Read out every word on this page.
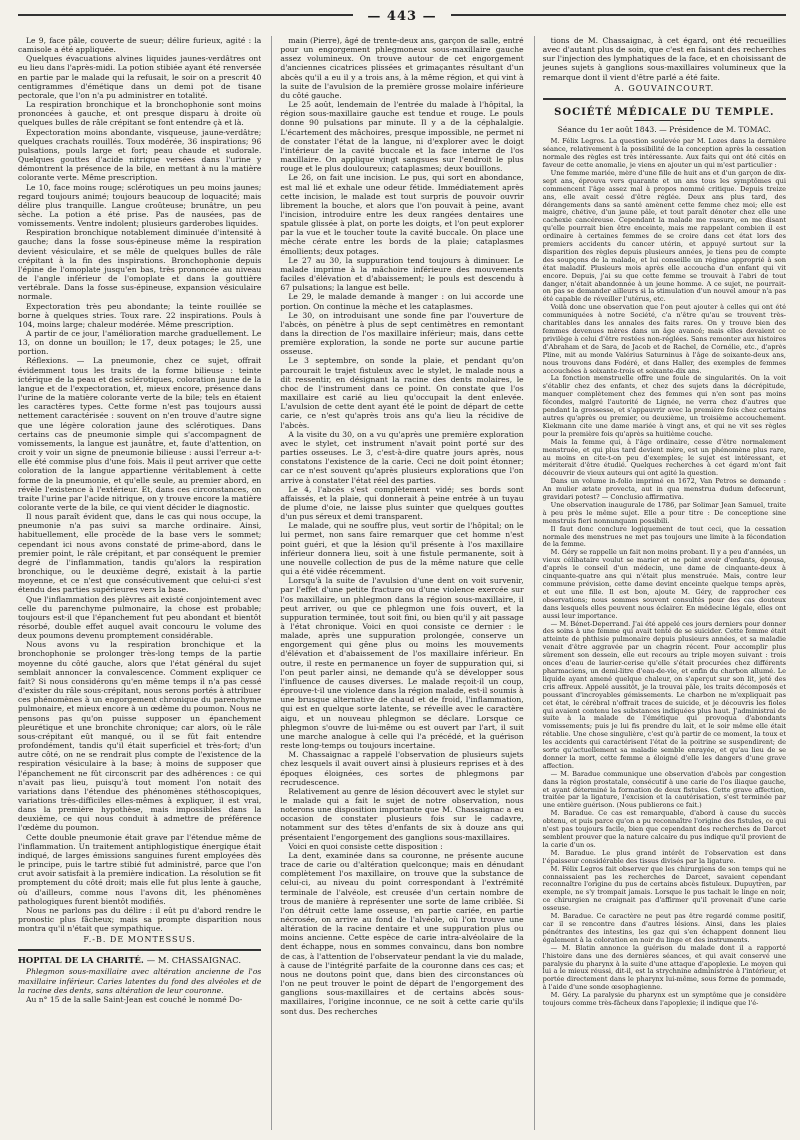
— 443 —

Le 9, face pâle, couverte de sueur; délire furieux, agité : la camisole a été appliquée.

Quelques évacuations alvines liquides jaunes-verdâtres ont eu lieu dans l'après-midi. La potion stibiée ayant été renversée en partie par le malade qui la refusait, le soir on a prescrit 40 centigrammes d'émétique dans un demi pot de tisane pectorale, que l'on n'a pu administrer en totalité.

La respiration bronchique et la bronchophonie sont moins prononcées à gauche, et ont presque disparu à droite où quelques bulles de râle crépitant se font entendre çà et là.

Expectoration moins abondante, visqueuse, jaune-verdâtre; quelques crachats rouillés. Toux modérée, 36 inspirations; 96 pulsations, pouls large et fort; peau chaude et sudorale. Quelques gouttes d'acide nitrique versées dans l'urine y démontrent la présence de la bile, en mettant à nu la matière colorante verte. Même prescription.

Le 10, face moins rouge; sclérotiques un peu moins jaunes; regard toujours animé; toujours beaucoup de loquacité; mais délire plus tranquille. Langue croûteuse; brunâtre, un peu sèche. La potion a été prise. Pas de nausées, pas de vomissements. Ventre indolent; plusieurs garderobes liquides.

Respiration bronchique notablement diminuée d'intensité à gauche; dans la fosse sous-épineuse même la respiration devient vésiculaire, et se mêle de quelques bulles de râle crépitant à la fin des inspirations. Bronchophonie depuis l'épine de l'omoplate jusqu'en bas, très prononcée au niveau de l'angle inférieur de l'omoplate et dans la gouttière vertébrale. Dans la fosse sus-épineuse, expansion vésiculaire normale.

Expectoration très peu abondante; la teinte rouillée se borne à quelques stries. Toux rare. 22 inspirations. Pouls à 104, moins large; chaleur modérée. Même prescription.

A partir de ce jour, l'amélioration marche graduellement. Le 13, on donne un bouillon; le 17, deux potages; le 25, une portion.

Réflexions. — La pneumonie, chez ce sujet, offrait évidemment tous les traits de la forme bilieuse : teinte ictérique de la peau et des sclérotiques, coloration jaune de la langue et de l'expectoration, et, mieux encore, présence dans l'urine de la matière colorante verte de la bile; tels en étaient les caractères types. Cette forme n'est pas toujours aussi nettement caractérisée : souvent on n'en trouve d'autre signe que une légère coloration jaune des sclérotiques. Dans certains cas de pneumonie simple qui s'accompagnent de vomissements, la langue est jaunâtre, et, faute d'attention, on croit y voir un signe de pneumonie bilieuse : aussi l'erreur a-t-elle été commise plus d'une fois. Mais il peut arriver que cette coloration de la langue appartienne véritablement à cette forme de la pneumonie, et qu'elle seule, au premier abord, en révèle l'existence à l'extérieur. Et, dans ces circonstances, on traite l'urine par l'acide nitrique, on y trouve encore la matière colorante verte de la bile, ce qui vient décider le diagnostic.

Il nous paraît évident que, dans le cas qui nous occupe, la pneumonie n'a pas suivi sa marche ordinaire. Ainsi, habituellement, elle procède de la base vers le sommet; cependant ici nous avons constaté de prime-abord, dans le premier point, le râle crépitant, et par conséquent le premier degré de l'inflammation, tandis qu'alors la respiration bronchique, ou le deuxième degré, existait à la partie moyenne, et ce n'est que consécutivement que celui-ci s'est étendu des parties supérieures vers la base.

Que l'inflammation des plèvres ait existé conjointement avec celle du parenchyme pulmonaire, la chose est probable; toujours est-il que l'épanchement fut peu abondant et bientôt résorbé, double effet auquel avait concouru le volume des deux poumons devenu promptement considérable.

Nous avons vu la respiration bronchique et la bronchophonie se prolonger très-long temps de la partie moyenne du côté gauche, alors que l'état général du sujet semblait annoncer la convalescence. Comment expliquer ce fait? Si nous considérons qu'en même temps il n'a pas cessé d'exister du râle sous-crépitant, nous serons portés à attribuer ces phénomènes à un engorgement chronique du parenchyme pulmonaire, et mieux encore à un œdème du poumon. Nous ne pensons pas qu'on puisse supposer un épanchement pleurétique et une bronchite chronique; car alors, où le râle sous-crépitant eût manqué, ou il se fût fait entendre profondément, tandis qu'il était superficiel et très-fort; d'un autre côté, on ne se rendrait plus compte de l'existence de la respiration vésiculaire à la base; à moins de supposer que l'épanchement ne fût circonscrit par des adhérences : ce qui n'avait pas lieu, puisqu'à tout moment l'on notait des variations dans l'étendue des phénomènes stéthoscopiques, variations très-difficiles elles-mêmes à expliquer, il est vrai, dans la première hypothèse, mais impossibles dans la deuxième, ce qui nous conduit à admettre de préférence l'œdème du poumon.

Cette double pneumonie était grave par l'étendue même de l'inflammation. Un traitement antiphlogistique énergique était indiqué, de larges émissions sanguines furent employées dès le principe, puis le tartre stibié fut administré, parce que l'on crut avoir satisfait à la première indication. La résolution se fit promptement du côté droit; mais elle fut plus lente à gauche, où d'ailleurs, comme nous l'avons dit, les phénomènes pathologiques furent bientôt modifiés.

Nous ne parlons pas du délire : il eût pu d'abord rendre le pronostic plus fâcheux; mais sa prompte disparition nous montra qu'il n'était que sympathique.

F.-B. DE MONTESSUS.
HOPITAL DE LA CHARITÉ. — M. CHASSAIGNAC.

Phlegmon sous-maxillaire avec altération ancienne de l'os maxillaire inférieur. Caries latentes du fond des alvéoles et de la racine des dents, sans altération de leur couronne.

Au n° 15 de la salle Saint-Jean est couché le nommé Do-

main (Pierre), âgé de trente-deux ans, garçon de salle, entré pour un engorgement phlegmoneux sous-maxillaire gauche assez volumineux. On trouve autour de cet engorgement d'anciennes cicatrices plissées et grimaçantes résultant d'un abcès qu'il a eu il y a trois ans, à la même région, et qui vint à la suite de l'avulsion de la première grosse molaire inférieure du côté gauche.

Le 25 août, lendemain de l'entrée du malade à l'hôpital, la région sous-maxillaire gauche est tendue et rouge. Le pouls donne 90 pulsations par minute. Il y a de la céphalalgie. L'écartement des mâchoires, presque impossible, ne permet ni de constater l'état de la langue, ni d'explorer avec le doigt l'intérieur de la cavité buccale et la face interne de l'os maxillaire. On applique vingt sangsues sur l'endroit le plus rouge et le plus douloureux; cataplasmes; deux bouillons.

Le 26, on fait une incision. Le pus, qui sort en abondance, est mal lié et exhale une odeur fétide. Immédiatement après cette incision, le malade est tout surpris de pouvoir ouvrir librement la bouche, et alors que l'on pouvait à peine, avant l'incision, introduire entre les deux rangées dentaires une spatule glissée à plat, on porte les doigts, et l'on peut explorer par la vue et le toucher toute la cavité buccale. On place une mèche cérate entre les bords de la plaie; cataplasmes émollients; deux potages.

Le 27 au 30, la suppuration tend toujours à diminuer. Le malade imprime à la mâchoire inférieure des mouvements faciles d'élévation et d'abaissement; le pouls est descendu à 67 pulsations; la langue est belle.

Le 29, le malade demande à manger : on lui accorde une portion. On continue la mèche et les cataplasmes.

Le 30, on introduisant une sonde fine par l'ouverture de l'abcès, on pénètre à plus de sept centimètres en remontant dans la direction de l'os maxillaire inférieur; mais, dans cette première exploration, la sonde ne porte sur aucune partie osseuse.

Le 3 septembre, on sonde la plaie, et pendant qu'on parcourait le trajet fistuleux avec le stylet, le malade nous a dit ressentir, en désignant la racine des dents molaires, le choc de l'instrument dans ce point. On constate que l'os maxillaire est carié au lieu qu'occupait la dent enlevée. L'avulsion de cette dent ayant été le point de départ de cette carie, ce n'est qu'après trois ans qu'a lieu la récidive de l'abcès.

A la visite du 30, on a vu qu'après une première exploration avec le stylet, cet instrument n'avait point porté sur des parties osseuses. Le 3, c'est-à-dire quatre jours après, nous constatons l'existence de la carie. Ceci ne doit point étonner; car ce n'est souvent qu'après plusieurs explorations que l'on arrive à constater l'état réel des parties.

Le 4, l'abcès s'est complètement vidé; ses bords sont affaissés, et la plaie, qui donnerait à peine entrée à un tuyau de plume d'oie, ne laisse plus suinter que quelques gouttes d'un pus séreux et demi transparent.

Le malade, qui ne souffre plus, veut sortir de l'hôpital; on le lui permet, non sans faire remarquer que cet homme n'est point guéri, et que la lésion qu'il présente à l'os maxillaire inférieur donnera lieu, soit à une fistule permanente, soit à une nouvelle collection de pus de la même nature que celle qui a été vidée récemment.

Lorsqu'à la suite de l'avulsion d'une dent on voit survenir, par l'effet d'une petite fracture ou d'une violence exercée sur l'os maxillaire, un phlegmon dans la région sous-maxillaire, il peut arriver, ou que ce phlegmon une fois ouvert, et la suppuration terminée, tout soit fini, ou bien qu'il y ait passage à l'état chronique. Voici en quoi consiste ce dernier : le malade, après une suppuration prolongée, conserve un engorgement qui gêne plus ou moins les mouvements d'élévation et d'abaissement de l'os maxillaire inférieur. En outre, il reste en permanence un foyer de suppuration qui, si l'on peut parler ainsi, ne demande qu'à se développer sous l'influence de causes diverses. Le malade reçoit-il un coup, éprouve-t-il une violence dans la région malade, est-il soumis à une brusque alternative de chaud et de froid, l'inflammation, qui est en quelque sorte latente, se réveille avec le caractère aigu, et un nouveau phlegmon se déclare. Lorsque ce phlegmon s'ouvre de lui-même ou est ouvert par l'art, il suit une marche analogue à celle qui l'a précédé, et la guérison reste long-temps ou toujours incertaine.

M. Chassaignac a rappelé l'observation de plusieurs sujets chez lesquels il avait ouvert ainsi à plusieurs reprises et à des époques éloignées, ces sortes de phlegmons par recrudescence.

Relativement au genre de lésion découvert avec le stylet sur le malade qui a fait le sujet de notre observation, nous noterons une disposition importante que M. Chassaignac a eu occasion de constater plusieurs fois sur le cadavre, notamment sur des têtes d'enfants de six à douze ans qui présentaient l'engorgement des ganglions sous-maxillaires.

Voici en quoi consiste cette disposition :

La dent, examinée dans sa couronne, ne présente aucune trace de carie ou d'altération quelconque; mais en dénudant complètement l'os maxillaire, on trouve que la substance de celui-ci, au niveau du point correspondant à l'extrémité terminale de l'alvéole, est creusée d'un certain nombre de trous de manière à représenter une sorte de lame criblée. Si l'on détruit cette lame osseuse, en partie cariée, en partie nécrosée, on arrive au fond de l'alvéole, où l'on trouve une altération de la racine dentaire et une suppuration plus ou moins ancienne. Cette espèce de carie intra-alvéolaire de la dent échappe, nous en sommes convaincu, dans bon nombre de cas, à l'attention de l'observateur pendant la vie du malade, à cause de l'intégrité parfaite de la couronne dans ces cas; et nous ne doutons point que, dans bien des circonstances où l'on ne peut trouver le point de départ de l'engorgement des ganglions sous-maxillaires et de certains abcès sous-maxillaires, l'origine inconnue, ce ne soit à cette carie qu'ils sont dus. Des recherches

tions de M. Chassaignac, à cet égard, ont été recueillies avec d'autant plus de soin, que c'est en faisant des recherches sur l'injection des lymphatiques de la face, et en choisissant de jeunes sujets à ganglions sous-maxillaires volumineux que la remarque dont il vient d'être parlé a été faite.

A. GOUVAINCOURT.
SOCIÉTÉ MÉDICALE DU TEMPLE.
Séance du 1er août 1843. — Présidence de M. TOMAC.

M. Félix Legros. La question soulevée par M. Lozes dans la dernière séance, relativement à la possibilité de la conception après la cessation normale des règles est très intéressante. Aux faits qui ont été cités en faveur de cette anomalie, je viens en ajouter un qui m'est particulier :

Une femme mariée, mère d'une fille de huit ans et d'un garçon de dix-sept ans, éprouva vers quarante et un ans tous les symptômes qui commencent l'âge assez mal à propos nommé critique. Depuis treize ans, elle avait cessé d'être réglée. Deux ans plus tard, des dérangements dans sa santé amènent cette femme chez moi; elle est maigre, chétive, d'un jaune pâle, et tout paraît dénoter chez elle une cachexie cancéreuse. Cependant la malade me rassure, en me disant qu'elle pourrait bien être enceinte, mais me rappelant combien il est ordinaire à certaines femmes de se croire dans cet état lors des premiers accidents du cancer utérin, et appuyé surtout sur la disparition des règles depuis plusieurs années, je tiens peu de compte des soupçons de la malade, et lui conseille un régime approprié à son état maladif. Plusieurs mois après elle accoucha d'un enfant qui vit encore. Depuis, j'ai su que cette femme se trouvait à l'abri de tout danger, n'était abandonnée à un jeune homme. A ce sujet, ne pourrait-on pas se demander ailleurs si la stimulation d'un nouvel amour n'a pas été capable de réveiller l'utérus, etc.

Voilà donc une observation que l'on peut ajouter à celles qui ont été communiquées à notre Société, c'a n'être qu'au se trouvent très-charitables dans les annales des faits rares. On y trouve bien des femmes devenues mères dans un âge avancé; mais elles devaient ce privilège à celui d'être restées non-réglées. Sans remonter aux histoires d'Abraham et de Sara, de Jacob et de Rachel, de Cornélie, etc., d'après Pline, mit au monde Valérius Saturninus à l'âge de soixante-deux ans, nous trouvons dans Fodéré, et dans Haller, des exemples de femmes accouchées à soixante-trois et soixante-dix ans.

La fonction menstruelle offre une foule de singularités. On la voit s'établir chez des enfants, et chez des sujets dans la décrépitude, manquer complètement chez des femmes qui n'en sont pas moins fécondes, malgré l'autorité de Lignée, ne verra chez d'autres que pendant la grossesse, et s'appauvrir avec la première fois chez certains autres qu'après ou premier, ou deuxième, un troisième accouchement. Kiekmann cite une dame mariée à vingt ans, et qui ne vit ses règles pour la première fois qu'après sa huitième couche.

Mais la femme qui, à l'âge ordinaire, cesse d'être normalement menstruée, et qui plus tard devient mère, est un phénomène plus rare, au moins en cite-t-on peu d'exemples; le sujet est intéressant, et mériterait d'être étudié. Quelques recherches à cet égard m'ont fait découvrir de vieux auteurs qui ont agité la question.

Dans un volume in-folio imprimé en 1672, Van Petros se demande : An mulier ætate provecta, aut in qua menstrua dudum defecerunt, gravidari potest? — Conclusio affirmativa.

Une observation inaugurale de 1786, par Solimar Jean Samuel, traite à peu près le même sujet. Elle a pour titre : De conceptione sine menstruis fieri nonnunquam possibili.

Il faut donc conclure logiquement de tout ceci, que la cessation normale des menstrues ne met pas toujours une limite à la fécondation de la femme.

M. Géry se rappelle un fait non moins probant. Il y a peu d'années, un vieux célibataire voulut se marier et ne point avoir d'enfants, épousa, d'après le conseil d'un médecin, une dame de cinquante-deux à cinquante-quatre ans qui n'était plus menstruée. Mais, contre leur commune prévision, cette dame devint enceinte quelque temps après, et eut une fille. Il est bon, ajoute M. Géry, de rapprocher ces observations; nous sommes souvent consultés pour des cas douteux dans lesquels elles peuvent nous éclairer. En médecine légale, elles ont aussi leur importance.

— M. Bénet-Deperrand. J'ai été appelé ces jours derniers pour donner des soins à une femme qui avait tenté de se suicider. Cette femme était atteinte de phthisie pulmonaire depuis plusieurs années, et sa maladie venait d'être aggravée par un chagrin récent. Pour accomplir plus sûrement son dessein, elle eut recours au triple moyen suivant : trois onces d'eau de laurier-cerise qu'elle s'était procurées chez différents pharmaciens, un demi-litre d'eau-de-vie, et enfin du charbon allumé. Le liquide ayant amené quelque chaleur, on s'aperçut sur son lit, jeté des cris affreux. Appelé aussitôt, je la trouvai pâle, les traits décomposés et poussant d'incroyables gémissements. Le charbon ne m'expliquait pas cet état, le cérébral n'offrait traces de suicide, et je découvris les fioles qui avaient contenu les substances indiquées plus haut. J'administrai de suite à la malade de l'émétique qui provoqua d'abondants vomissements; puis je lui fis prendre du lait, et le soir même elle était rétablie. Une chose singulière, c'est qu'à partir de ce moment, la toux et les accidents qui caractérisent l'état de la poitrine se suspendirent; de sorte qu'actuellement sa maladie semble enrayée, et qu'au lieu de se donner la mort, cette femme a éloigné d'elle les dangers d'une grave affection.

— M. Baradue communique une observation d'abcès par congestion dans la région prostatale, consécutif à une carie de l'os iliaque gauche, et ayant déterminé la formation de deux fistules. Cette grave affection, traitée par la ligature, l'excision et la cautérisation, s'est terminée par une entière guérison. (Nous publierons ce fait.)

M. Baradue. Ce cas est remarquable, d'abord à cause du succès obtenu, et puis parce qu'on a pu reconnaître l'origine des fistules, ce qui n'est pas toujours facile, bien que cependant des recherches de Darcet semblent prouver que la nature calcaire du pus indique qu'il provient de la carie d'un os.

M. Baradue. Le plus grand intérêt de l'observation est dans l'épaisseur considérable des tissus divisés par la ligature.

M. Félix Legros fait observer que les chirurgiens de son temps qui ne connaissaient pas les recherches de Darcet, savaient cependant reconnaître l'origine du pus de certains abcès fistuleux. Dupuytren, par exemple, ne s'y trompait jamais. Lorsque le pus tachait le linge en noir, ce chirurgien ne craignait pas d'affirmer qu'il provenait d'une carie osseuse.

M. Baradue. Ce caractère ne peut pas être regardé comme positif, car il se rencontre dans d'autres lésions. Ainsi, dans les plaies pénétrantes des intestins, les gaz qui s'en échappent donnent lieu également à la coloration en noir du linge et des instruments.

— M. Blatin annonce la guérison du malade dont il a rapporté l'histoire dans une des dernières séances, et qui avait conservé une paralysie du pharynx à la suite d'une attaque d'apoplexie. Le moyen qui lui a le mieux réussi, dit-il, est la strychnine administrée à l'intérieur, et portée directement dans le pharynx lui-même, sous forme de pommade, à l'aide d'une sonde œsophagienne.

M. Géry. La paralysie du pharynx est un symptôme que je considère toujours comme très-fâcheux dans l'apoplexie; il indique que l'é-
